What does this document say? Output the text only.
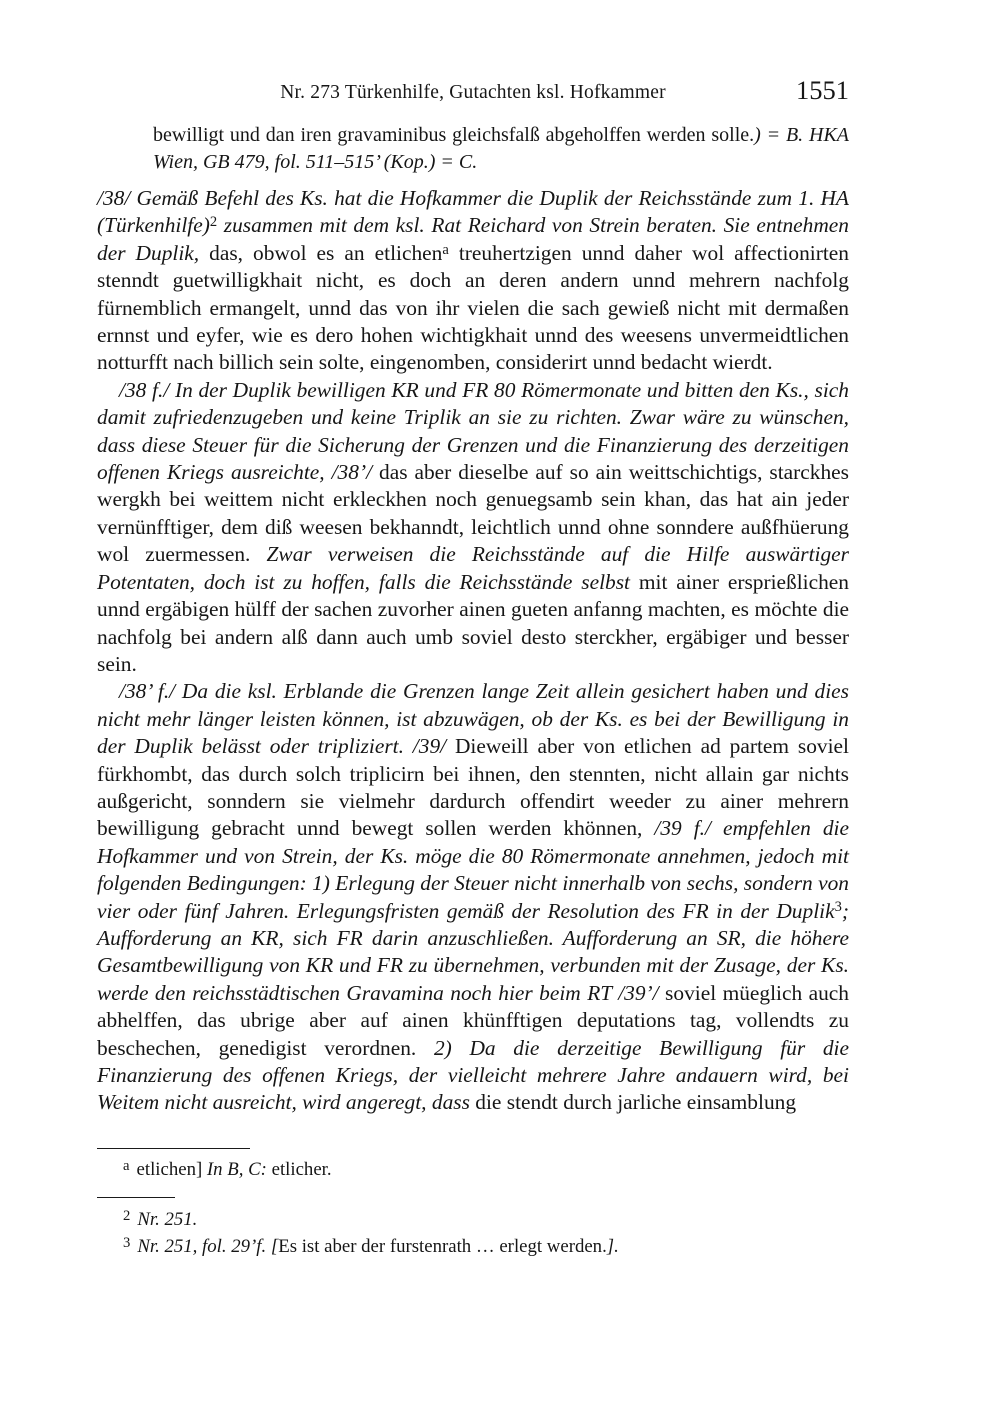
Nr. 273 Türkenhilfe, Gutachten ksl. Hofkammer	1551

bewilligt und dan iren gravaminibus gleichsfalß abgeholffen werden solle.) = B. HKA Wien, GB 479, fol. 511–515’ (Kop.) = C.

/38/ Gemäß Befehl des Ks. hat die Hofkammer die Duplik der Reichsstände zum 1. HA (Türkenhilfe)$^2$ zusammen mit dem ksl. Rat Reichard von Strein beraten. Sie entnehmen der Duplik, das, obwol es an etlichen$^a$ treuhertzigen unnd daher wol affectionirten stenndt guetwilligkhait nicht, es doch an deren andern unnd mehrern nachfolg fürnemblich ermangelt, unnd das von ihr vielen die sach gewieß nicht mit dermaßen ernnst und eyfer, wie es dero hohen wichtigkhait unnd des weesens unvermeidtlichen notturfft nach billich sein solte, eingenomben, considerirt unnd bedacht wierdt.

/38 f./ In der Duplik bewilligen KR und FR 80 Römermonate und bitten den Ks., sich damit zufriedenzugeben und keine Triplik an sie zu richten. Zwar wäre zu wünschen, dass diese Steuer für die Sicherung der Grenzen und die Finanzierung des derzeitigen offenen Kriegs ausreichte, /38’/ das aber dieselbe auf so ain weittschichtigs, starckhes wergkh bei weittem nicht erkleckhen noch genuegsamb sein khan, das hat ain jeder vernünfftiger, dem diß weesen bekhanndt, leichtlich unnd ohne sonndere außfhüerung wol zuermessen. Zwar verweisen die Reichsstände auf die Hilfe auswärtiger Potentaten, doch ist zu hoffen, falls die Reichsstände selbst mit ainer ersprießlichen unnd ergäbigen hülff der sachen zuvorher ainen gueten anfanng machten, es möchte die nachfolg bei andern alß dann auch umb soviel desto sterckher, ergäbiger und besser sein.

/38’ f./ Da die ksl. Erblande die Grenzen lange Zeit allein gesichert haben und dies nicht mehr länger leisten können, ist abzuwägen, ob der Ks. es bei der Bewilligung in der Duplik belässt oder tripliziert. /39/ Dieweill aber von etlichen ad partem soviel fürkhombt, das durch solch triplicirn bei ihnen, den stennten, nicht allain gar nichts außgericht, sonndern sie vielmehr dardurch offendirt weeder zu ainer mehrern bewilligung gebracht unnd bewegt sollen werden khönnen, /39 f./ empfehlen die Hofkammer und von Strein, der Ks. möge die 80 Römermonate annehmen, jedoch mit folgenden Bedingungen: 1) Erlegung der Steuer nicht innerhalb von sechs, sondern von vier oder fünf Jahren. Erlegungsfristen gemäß der Resolution des FR in der Duplik$^3$; Aufforderung an KR, sich FR darin anzuschließen. Aufforderung an SR, die höhere Gesamtbewilligung von KR und FR zu übernehmen, verbunden mit der Zusage, der Ks. werde den reichsstädtischen Gravamina noch hier beim RT /39’/ soviel müeglich auch abhelffen, das ubrige aber auf ainen khünfftigen deputations tag, vollendts zu beschechen, genedigist verordnen. 2) Da die derzeitige Bewilligung für die Finanzierung des offenen Kriegs, der vielleicht mehrere Jahre andauern wird, bei Weitem nicht ausreicht, wird angeregt, dass die stendt durch jarliche einsamblung

$^a$ etlichen] In B, C: etlicher.
$^2$ Nr. 251.
$^3$ Nr. 251, fol. 29’f. [Es ist aber der furstenrath … erlegt werden.].
